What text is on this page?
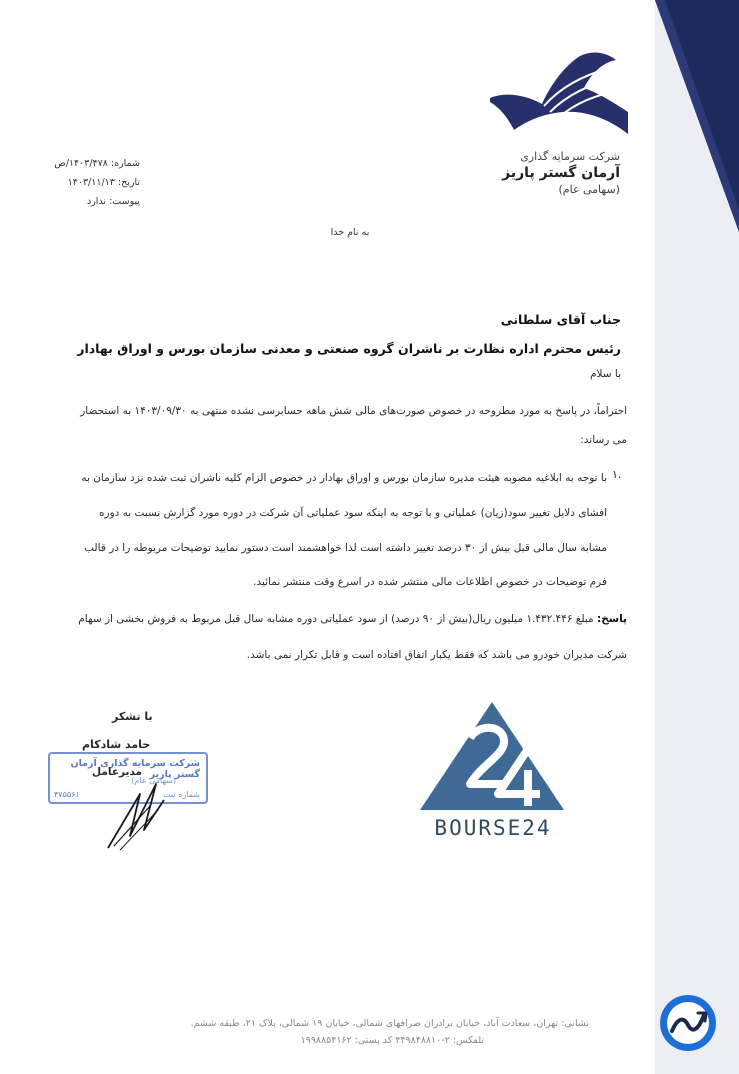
شرکت سرمایه گذاری
آرمان گستر پاریز
(سهامی عام)
شماره: ۱۴۰۳/۴۷۸/ص
تاریخ: ۱۴۰۳/۱۱/۱۳
پیوست: ندارد
به نام خدا
جناب آقای سلطانی
رئیس محترم اداره نظارت بر ناشران گروه صنعتی و معدنی سازمان بورس و اوراق بهادار
با سلام
احتراماً، در پاسخ به مورد مطروحه در خصوص صورت‌های مالی شش ماهه حسابرسی نشده منتهی به ۱۴۰۳/۰۹/۳۰ به استحضار
می رساند:
۱.
با توجه به ابلاغیه مصوبه هیئت مدیره سازمان بورس و اوراق بهادار در خصوص الزام کلیه ناشران ثبت شده نزد سازمان به
افشای دلایل تغییر سود(زیان) عملیاتی و با توجه به اینکه سود عملیاتی آن شرکت در دوره مورد گزارش نسبت به دوره
مشابه سال مالی قبل بیش از ۳۰ درصد تغییر داشته است لذا خواهشمند است دستور نمایید توضیحات مربوطه را در قالب
فرم توضیحات در خصوص اطلاعات مالی منتشر شده در اسرع وقت منتشر نمائید.
پاسخ: مبلغ ۱.۴۳۲.۴۴۶ میلیون ریال(بیش از ۹۰ درصد) از سود عملیاتی دوره مشابه سال قبل مربوط به فروش بخشی از سهام
شرکت مدیران خودرو می باشد که فقط یکبار اتفاق افتاده است و قابل تکرار نمی باشد.
با تشکر
حامد شادکام
شرکت سرمایه گذاری آرمان گستر پاریز
(سهامی عام)
شماره ثبت
۴۷۵۵۶۱
مدیرعامل
BOURSE24
نشانی: تهران، سعادت آباد، خیابان برادران صرافهای شمالی، خیابان ۱۹ شمالی، پلاک ۲۱، طبقه ششم.
تلفکس: ۲-۴۴۹۸۴۸۸۱۰ کد پستی: ۱۹۹۸۸۵۴۱۶۲
